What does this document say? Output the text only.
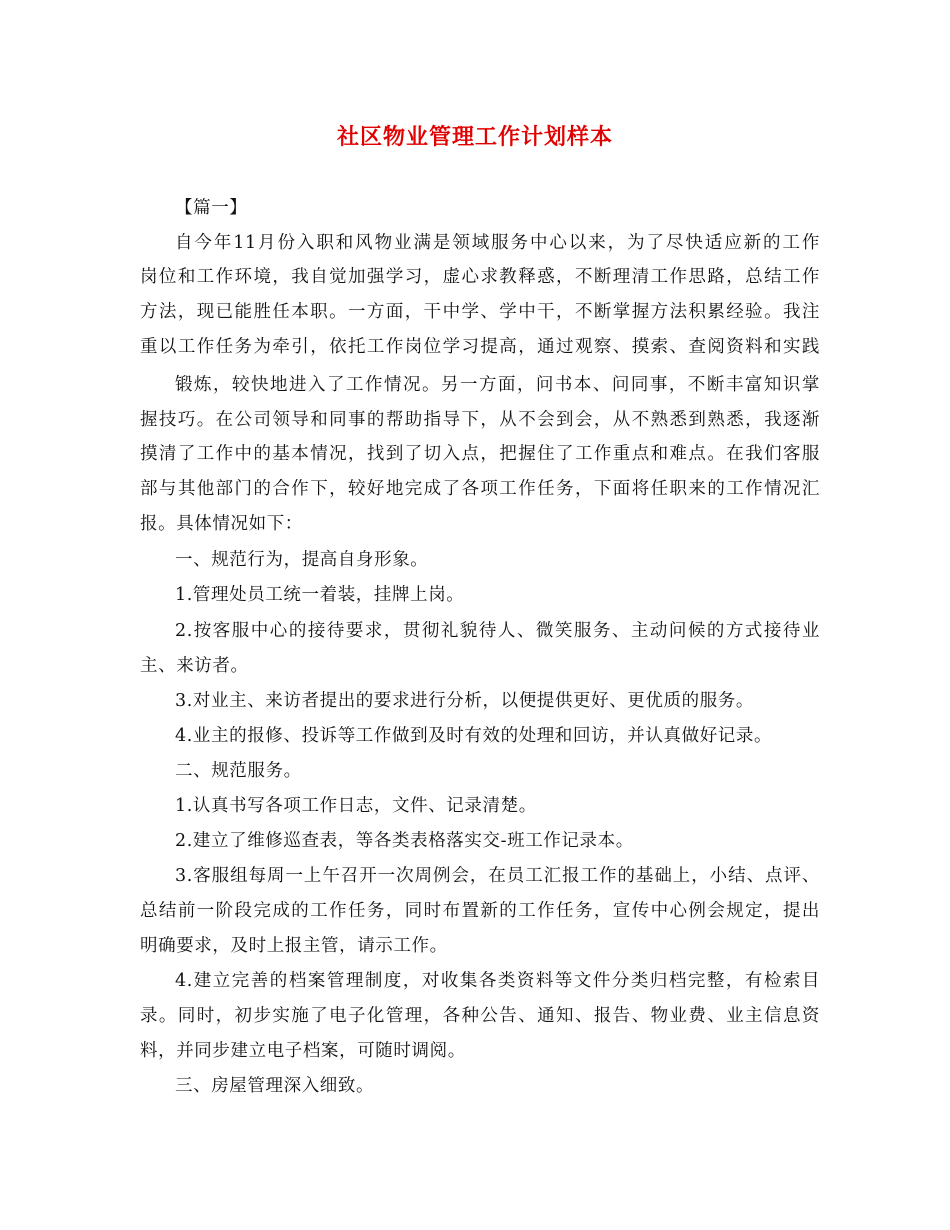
社区物业管理工作计划样本
【篇一】
自今年11月份入职和风物业满是领域服务中心以来，为了尽快适应新的工作
岗位和工作环境，我自觉加强学习，虚心求教释惑，不断理清工作思路，总结工作
方法，现已能胜任本职。一方面，干中学、学中干，不断掌握方法积累经验。我注
重以工作任务为牵引，依托工作岗位学习提高，通过观察、摸索、查阅资料和实践
锻炼，较快地进入了工作情况。另一方面，问书本、问同事，不断丰富知识掌
握技巧。在公司领导和同事的帮助指导下，从不会到会，从不熟悉到熟悉，我逐渐
摸清了工作中的基本情况，找到了切入点，把握住了工作重点和难点。在我们客服
部与其他部门的合作下，较好地完成了各项工作任务，下面将任职来的工作情况汇
报。具体情况如下：
一、规范行为，提高自身形象。
1.管理处员工统一着装，挂牌上岗。
2.按客服中心的接待要求，贯彻礼貌待人、微笑服务、主动问候的方式接待业
主、来访者。
3.对业主、来访者提出的要求进行分析，以便提供更好、更优质的服务。
4.业主的报修、投诉等工作做到及时有效的处理和回访，并认真做好记录。
二、规范服务。
1.认真书写各项工作日志，文件、记录清楚。
2.建立了维修巡查表，等各类表格落实交-班工作记录本。
3.客服组每周一上午召开一次周例会，在员工汇报工作的基础上，小结、点评、
总结前一阶段完成的工作任务，同时布置新的工作任务，宣传中心例会规定，提出
明确要求，及时上报主管，请示工作。
4.建立完善的档案管理制度，对收集各类资料等文件分类归档完整，有检索目
录。同时，初步实施了电子化管理，各种公告、通知、报告、物业费、业主信息资
料，并同步建立电子档案，可随时调阅。
三、房屋管理深入细致。
